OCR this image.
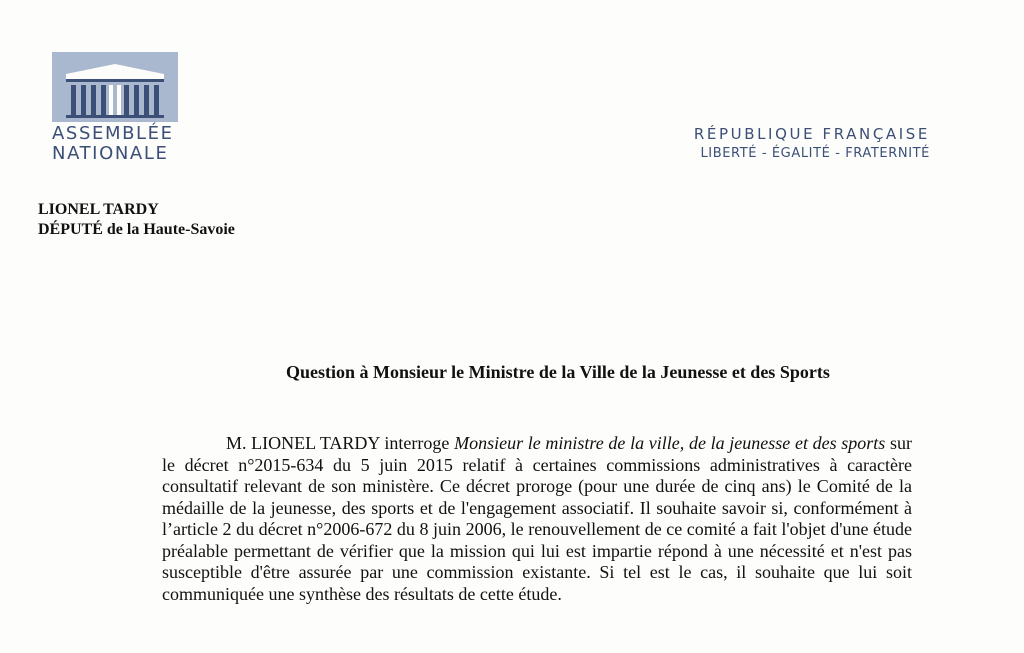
ASSEMBLÉE
NATIONALE
RÉPUBLIQUE FRANÇAISE
LIBERTÉ - ÉGALITÉ - FRATERNITÉ
LIONEL TARDY
DÉPUTÉ de la Haute-Savoie
Question à Monsieur le Ministre de la Ville de la Jeunesse et des Sports
M. LIONEL TARDY interroge Monsieur le ministre de la ville, de la jeunesse et des sports sur le décret n°2015-634 du 5 juin 2015 relatif à certaines commissions administratives à caractère consultatif relevant de son ministère. Ce décret proroge (pour une durée de cinq ans) le Comité de la médaille de la jeunesse, des sports et de l'engagement associatif. Il souhaite savoir si, conformément à l’article 2 du décret n°2006-672 du 8 juin 2006, le renouvellement de ce comité a fait l'objet d'une étude préalable permettant de vérifier que la mission qui lui est impartie répond à une nécessité et n'est pas susceptible d'être assurée par une commission existante. Si tel est le cas, il souhaite que lui soit communiquée une synthèse des résultats de cette étude.
